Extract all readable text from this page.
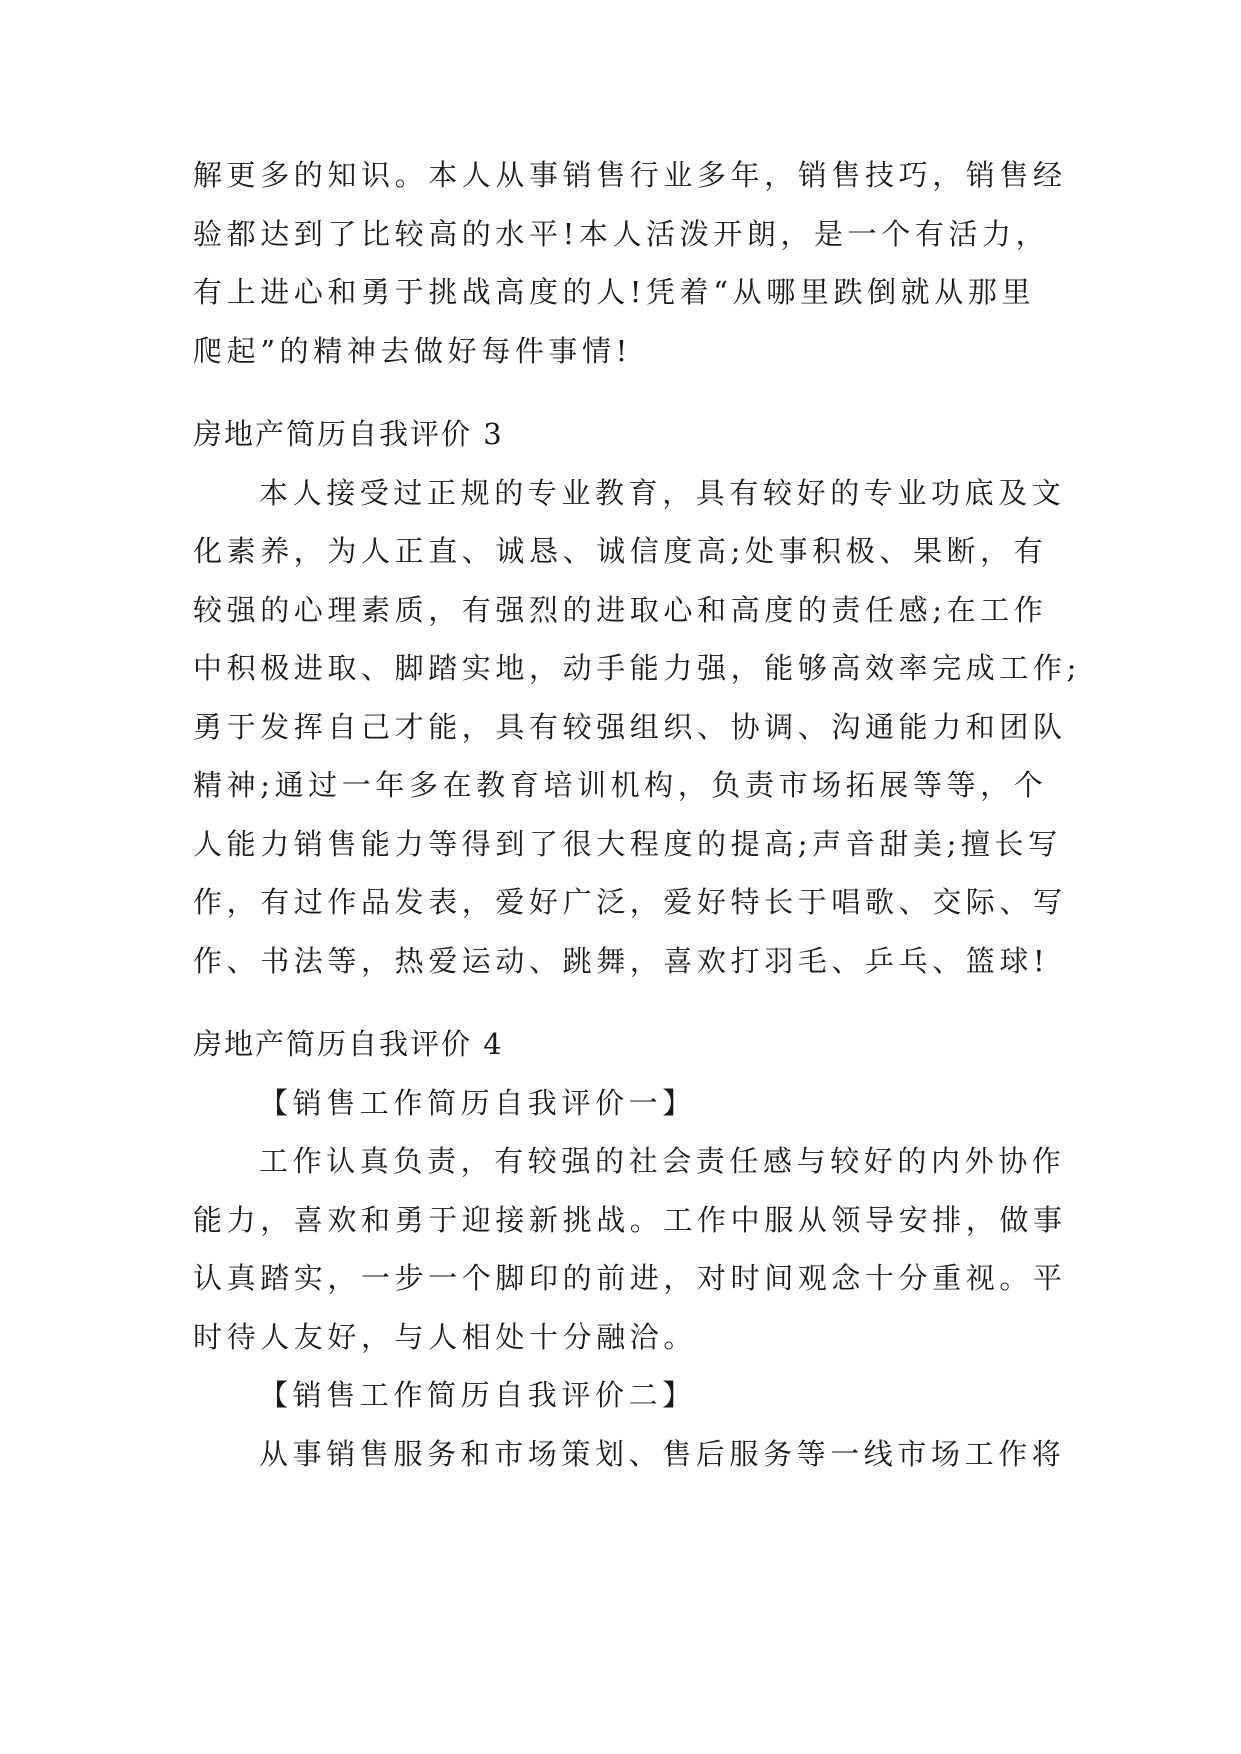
解更多的知识。本人从事销售行业多年，销售技巧，销售经
验都达到了比较高的水平!本人活泼开朗，是一个有活力，
有上进心和勇于挑战高度的人!凭着“从哪里跌倒就从那里
爬起”的精神去做好每件事情!
房地产简历自我评价 3
本人接受过正规的专业教育，具有较好的专业功底及文
化素养，为人正直、诚恳、诚信度高;处事积极、果断，有
较强的心理素质，有强烈的进取心和高度的责任感;在工作
中积极进取、脚踏实地，动手能力强，能够高效率完成工作;
勇于发挥自己才能，具有较强组织、协调、沟通能力和团队
精神;通过一年多在教育培训机构，负责市场拓展等等，个
人能力销售能力等得到了很大程度的提高;声音甜美;擅长写
作，有过作品发表，爱好广泛，爱好特长于唱歌、交际、写
作、书法等，热爱运动、跳舞，喜欢打羽毛、乒乓、篮球!
房地产简历自我评价 4
【销售工作简历自我评价一】
工作认真负责，有较强的社会责任感与较好的内外协作
能力，喜欢和勇于迎接新挑战。工作中服从领导安排，做事
认真踏实，一步一个脚印的前进，对时间观念十分重视。平
时待人友好，与人相处十分融洽。
【销售工作简历自我评价二】
从事销售服务和市场策划、售后服务等一线市场工作将
